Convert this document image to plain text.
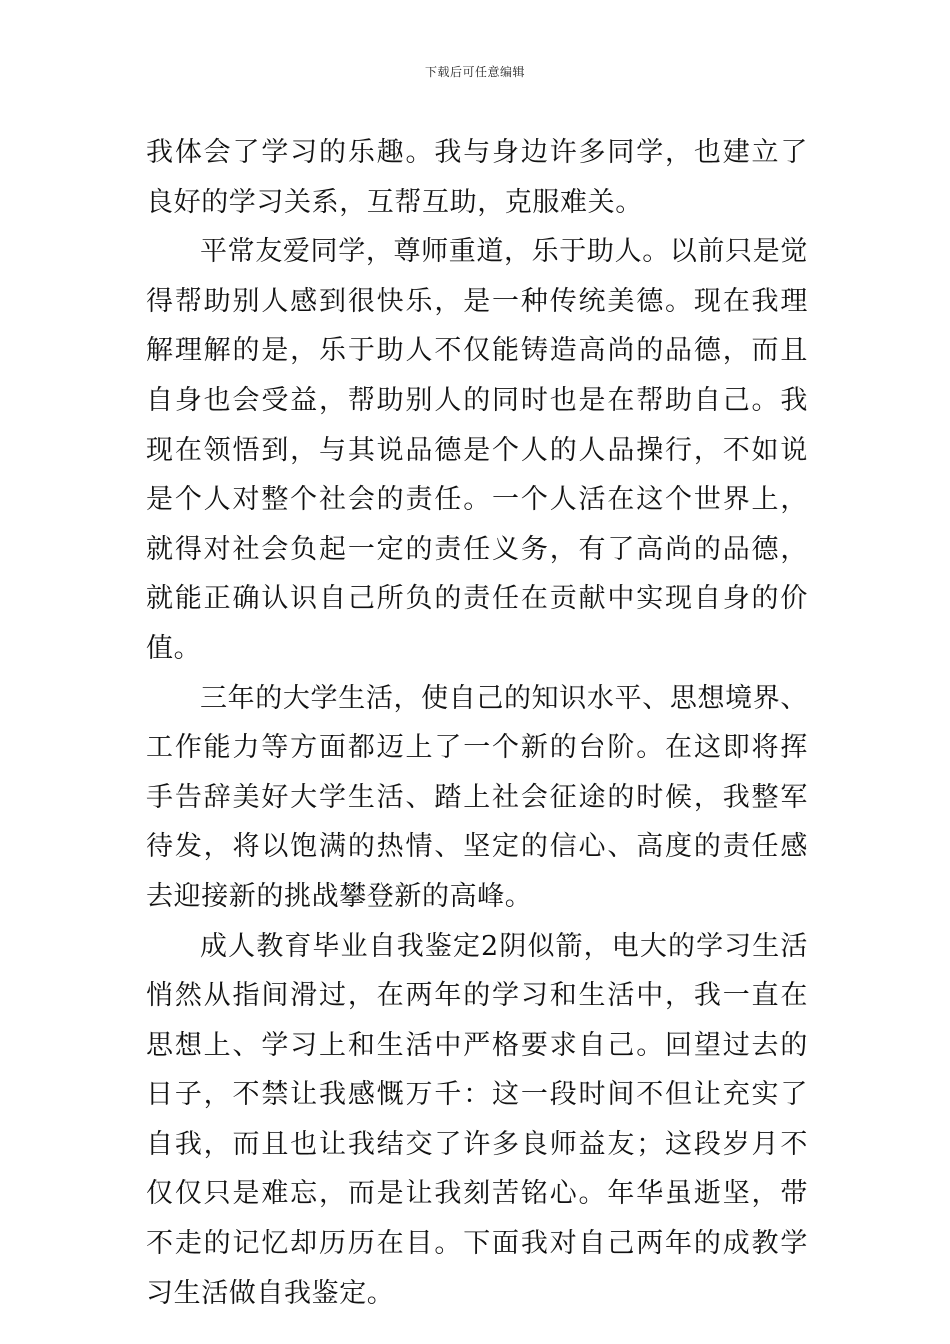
下载后可任意编辑

我体会了学习的乐趣。我与身边许多同学，也建立了良好的学习关系，互帮互助，克服难关。

平常友爱同学，尊师重道，乐于助人。以前只是觉得帮助别人感到很快乐，是一种传统美德。现在我理解理解的是，乐于助人不仅能铸造高尚的品德，而且自身也会受益，帮助别人的同时也是在帮助自己。我现在领悟到，与其说品德是个人的人品操行，不如说是个人对整个社会的责任。一个人活在这个世界上，就得对社会负起一定的责任义务，有了高尚的品德，就能正确认识自己所负的责任在贡献中实现自身的价值。

三年的大学生活，使自己的知识水平、思想境界、工作能力等方面都迈上了一个新的台阶。在这即将挥手告辞美好大学生活、踏上社会征途的时候，我整军待发，将以饱满的热情、坚定的信心、高度的责任感去迎接新的挑战攀登新的高峰。

成人教育毕业自我鉴定2阴似箭，电大的学习生活悄然从指间滑过，在两年的学习和生活中，我一直在思想上、学习上和生活中严格要求自己。回望过去的日子，不禁让我感慨万千：这一段时间不但让充实了自我，而且也让我结交了许多良师益友；这段岁月不仅仅只是难忘，而是让我刻苦铭心。年华虽逝坚，带不走的记忆却历历在目。下面我对自己两年的成教学习生活做自我鉴定。
